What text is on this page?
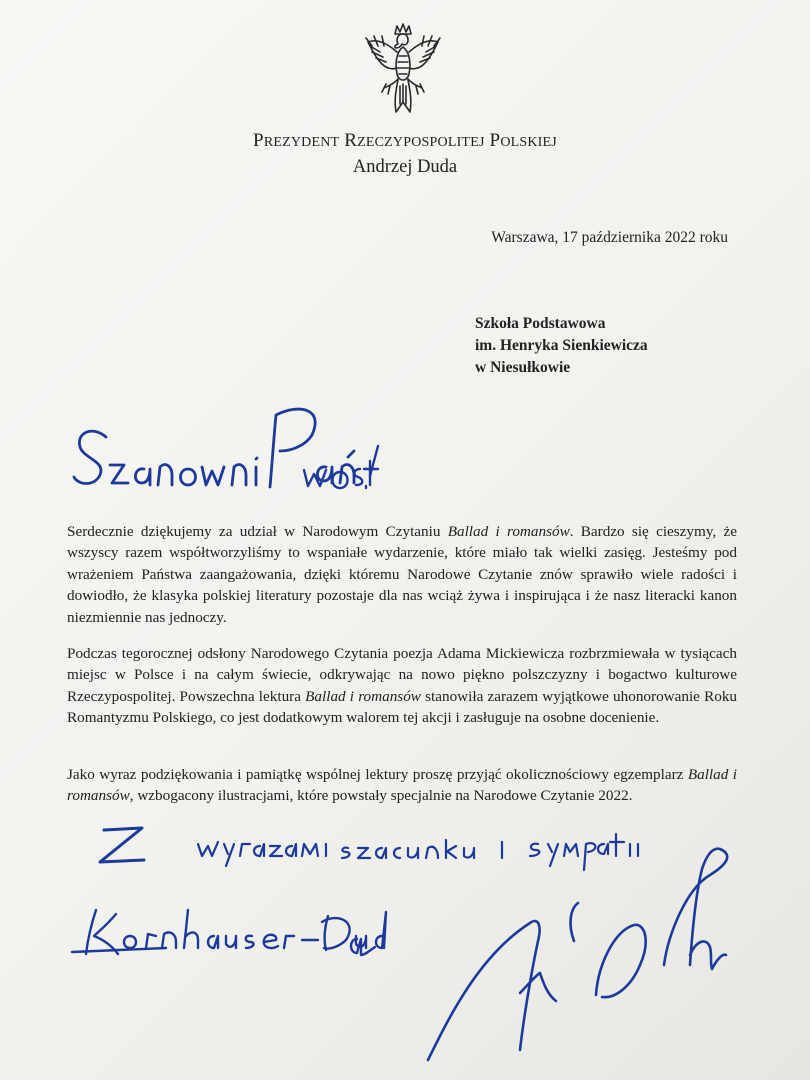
PREZYDENT RZECZYPOSPOLITEJ POLSKIEJ
Andrzej Duda
Warszawa, 17 października 2022 roku
Szkoła Podstawowa
im. Henryka Sienkiewicza
w Niesułkowie

Serdecznie dziękujemy za udział w Narodowym Czytaniu Ballad i romansów. Bardzo się cieszymy, że wszyscy razem współtworzyliśmy to wspaniałe wydarzenie, które miało tak wielki zasięg. Jesteśmy pod wrażeniem Państwa zaangażowania, dzięki któremu Narodowe Czytanie znów sprawiło wiele radości i dowiodło, że klasyka polskiej literatury pozostaje dla nas wciąż żywa i inspirująca i że nasz literacki kanon niezmiennie nas jednoczy.

Podczas tegorocznej odsłony Narodowego Czytania poezja Adama Mickiewicza rozbrzmiewała w tysiącach miejsc w Polsce i na całym świecie, odkrywając na nowo piękno polszczyzny i bogactwo kulturowe Rzeczypospolitej. Powszechna lektura Ballad i romansów stanowiła zarazem wyjątkowe uhonorowanie Roku Romantyzmu Polskiego, co jest dodatkowym walorem tej akcji i zasługuje na osobne docenienie.

Jako wyraz podziękowania i pamiątkę wspólnej lektury proszę przyjąć okolicznościowy egzemplarz Ballad i romansów, wzbogacony ilustracjami, które powstały specjalnie na Narodowe Czytanie 2022.
